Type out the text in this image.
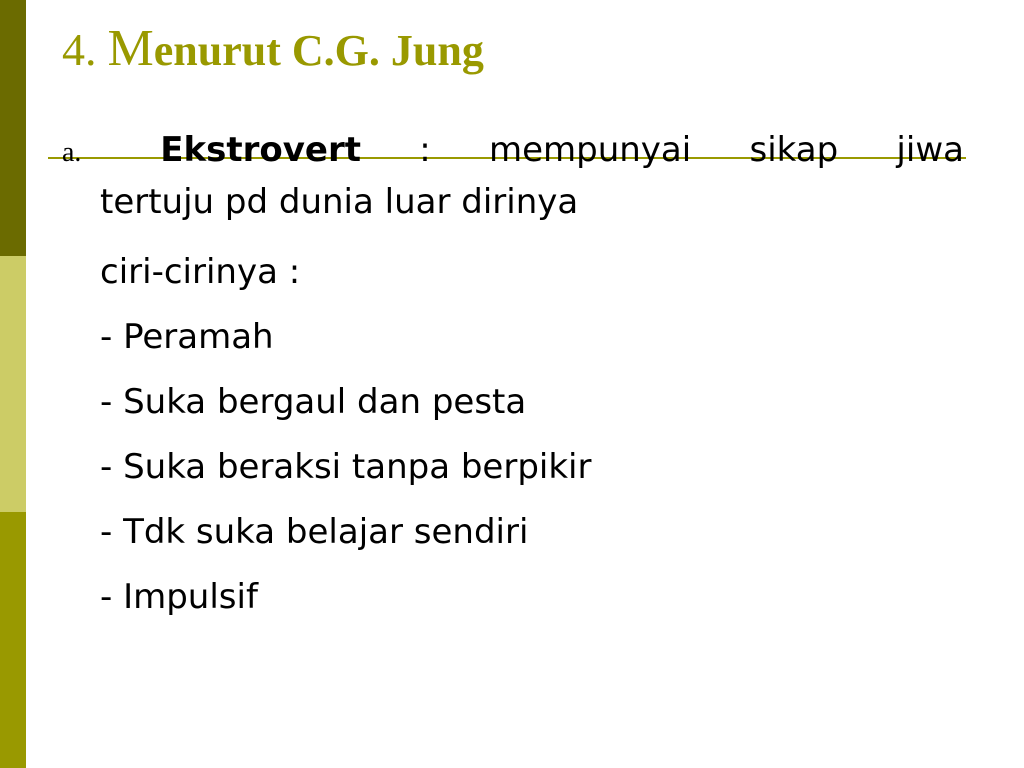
4. Menurut C.G. Jung
a.	Ekstrovert : mempunyai sikap jiwa
tertuju pd dunia luar dirinya
ciri-cirinya :
- Peramah
- Suka bergaul dan pesta
- Suka beraksi tanpa berpikir
- Tdk suka belajar sendiri
- Impulsif
